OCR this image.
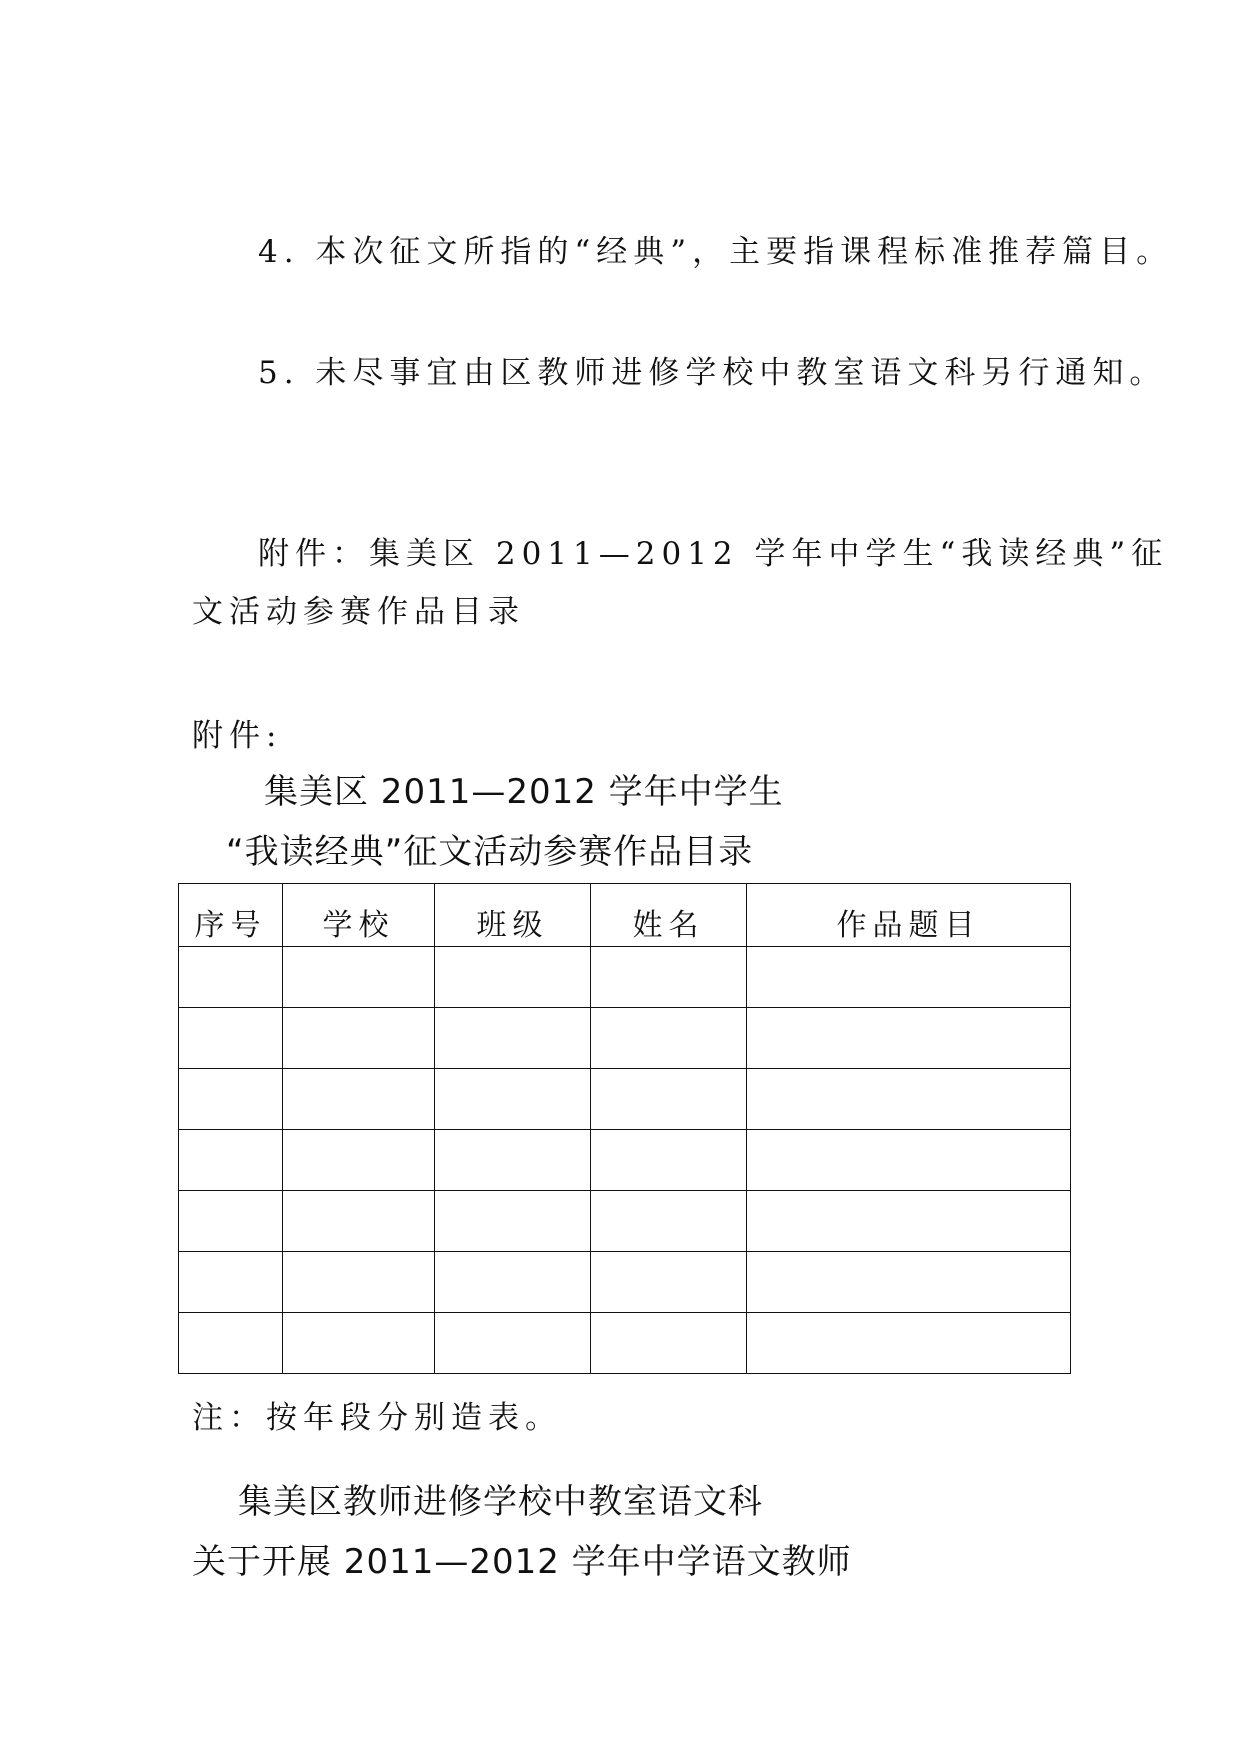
4. 本次征文所指的“经典”，主要指课程标准推荐篇目。
5. 未尽事宜由区教师进修学校中教室语文科另行通知。
附件：集美区 2011—2012 学年中学生“我读经典”征
文活动参赛作品目录
附件:
集美区 2011—2012 学年中学生
“我读经典”征文活动参赛作品目录
序号	学校	班级	姓名	作品题目

注：按年段分别造表。
集美区教师进修学校中教室语文科
关于开展 2011—2012 学年中学语文教师
